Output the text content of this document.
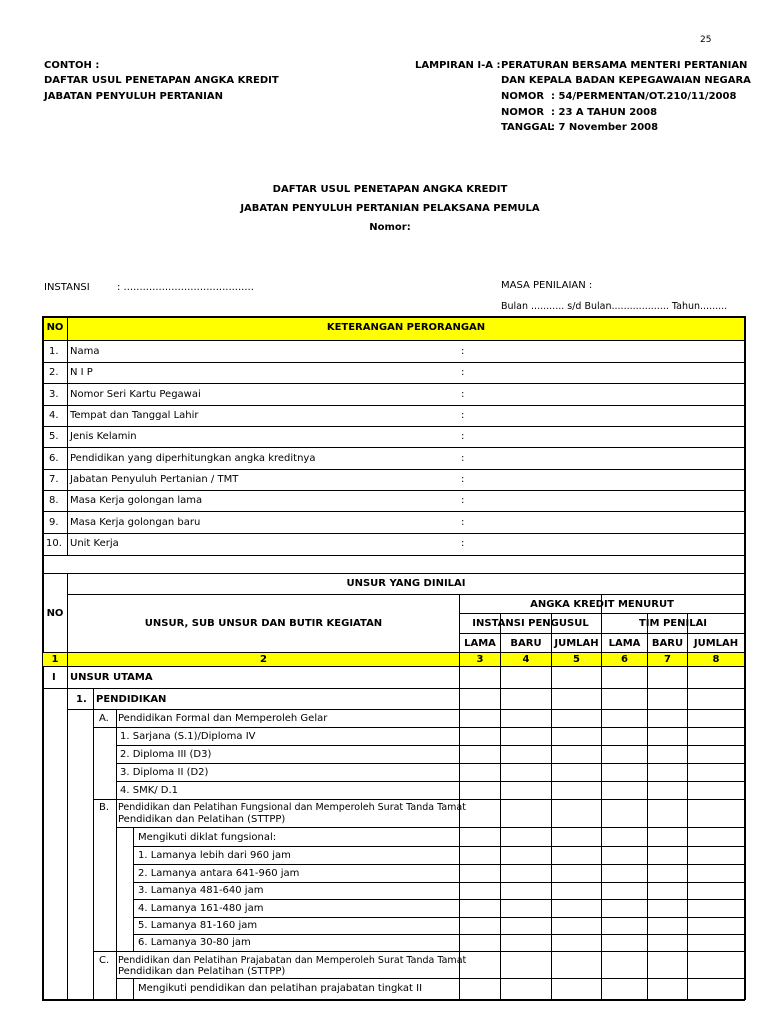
25
CONTOH :
DAFTAR USUL PENETAPAN ANGKA KREDIT
JABATAN PENYULUH PERTANIAN
LAMPIRAN I-A : PERATURAN BERSAMA MENTERI PERTANIAN
DAN KEPALA BADAN KEPEGAWAIAN NEGARA
NOMOR : 54/PERMENTAN/OT.210/11/2008
NOMOR : 23 A TAHUN 2008
TANGGAL
: 7 November 2008
DAFTAR USUL PENETAPAN ANGKA KREDIT
JABATAN PENYULUH PERTANIAN PELAKSANA PEMULA
Nomor:
INSTANSI	: .........................................	MASA PENILAIAN :
Bulan ........... s/d Bulan................... Tahun.........
NO	KETERANGAN PERORANGAN
1. Nama	:
2. N I P	:
3. Nomor Seri Kartu Pegawai	:
4. Tempat dan Tanggal Lahir	:
5. Jenis Kelamin	:
6. Pendidikan yang diperhitungkan angka kreditnya	:
7. Jabatan Penyuluh Pertanian / TMT	:
8. Masa Kerja golongan lama	:
9. Masa Kerja golongan baru	:
10. Unit Kerja	:
NO
UNSUR YANG DINILAI
UNSUR, SUB UNSUR DAN BUTIR KEGIATAN
ANGKA KREDIT MENURUT
INSTANSI PENGUSUL	TIM PENILAI
LAMA	BARU	JUMLAH LAMA	BARU	JUMLAH
1	2	3	4	5	6	7	8
I UNSUR UTAMA
1. PENDIDIKAN
A. Pendidikan Formal dan Memperoleh Gelar
1. Sarjana (S.1)/Diploma IV
2. Diploma III (D3)
3. Diploma II (D2)
4. SMK/ D.1
B. Pendidikan dan Pelatihan Fungsional dan Memperoleh Surat Tanda Tamat
Pendidikan dan Pelatihan (STTPP)
Mengikuti diklat fungsional:
1. Lamanya lebih dari 960 jam
2. Lamanya antara 641-960 jam
3. Lamanya 481-640 jam
4. Lamanya 161-480 jam
5. Lamanya 81-160 jam
6. Lamanya 30-80 jam
C. Pendidikan dan Pelatihan Prajabatan dan Memperoleh Surat Tanda Tamat
Pendidikan dan Pelatihan (STTPP)
Mengikuti pendidikan dan pelatihan prajabatan tingkat II
